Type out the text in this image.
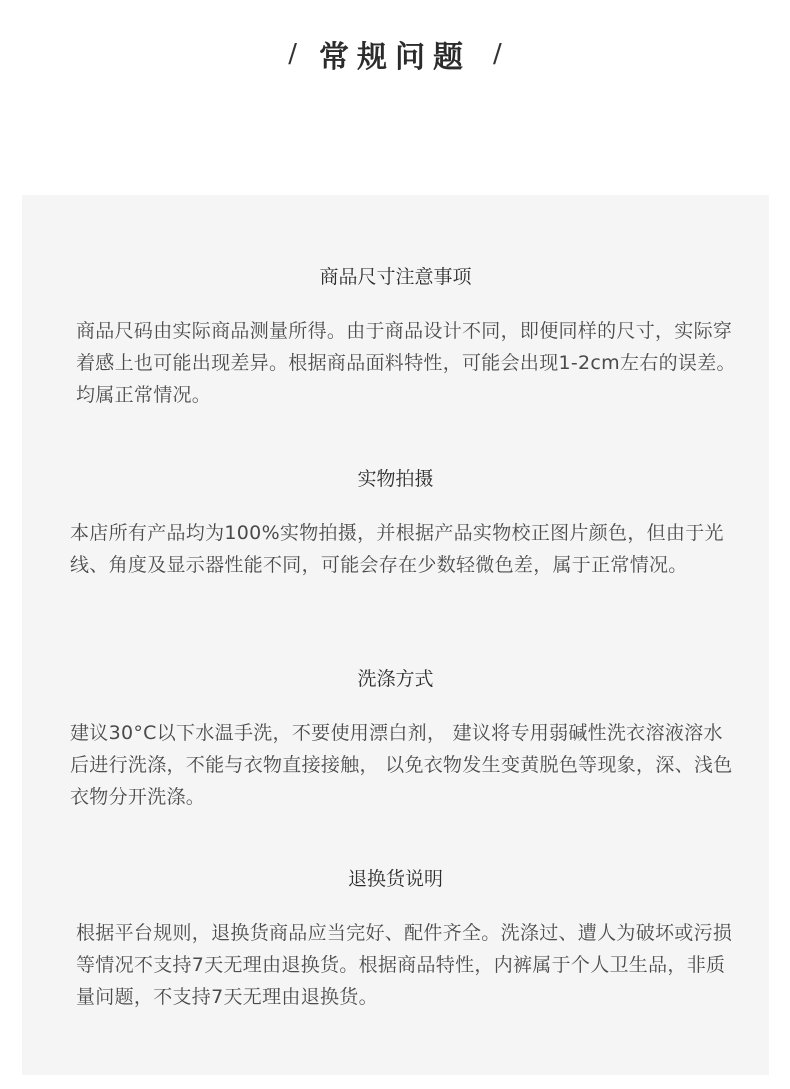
/ 常规问题 /
商品尺寸注意事项
商品尺码由实际商品测量所得。由于商品设计不同，即便同样的尺寸，实际穿着感上也可能出现差异。根据商品面料特性，可能会出现1-2cm左右的误差。均属正常情况。
实物拍摄
本店所有产品均为100%实物拍摄，并根据产品实物校正图片颜色，但由于光线、角度及显示器性能不同，可能会存在少数轻微色差，属于正常情况。
洗涤方式
建议30°C以下水温手洗，不要使用漂白剂， 建议将专用弱碱性洗衣溶液溶水后进行洗涤，不能与衣物直接接触， 以免衣物发生变黄脱色等现象，深、浅色衣物分开洗涤。
退换货说明
根据平台规则，退换货商品应当完好、配件齐全。洗涤过、遭人为破坏或污损等情况不支持7天无理由退换货。根据商品特性，内裤属于个人卫生品，非质量问题，不支持7天无理由退换货。
